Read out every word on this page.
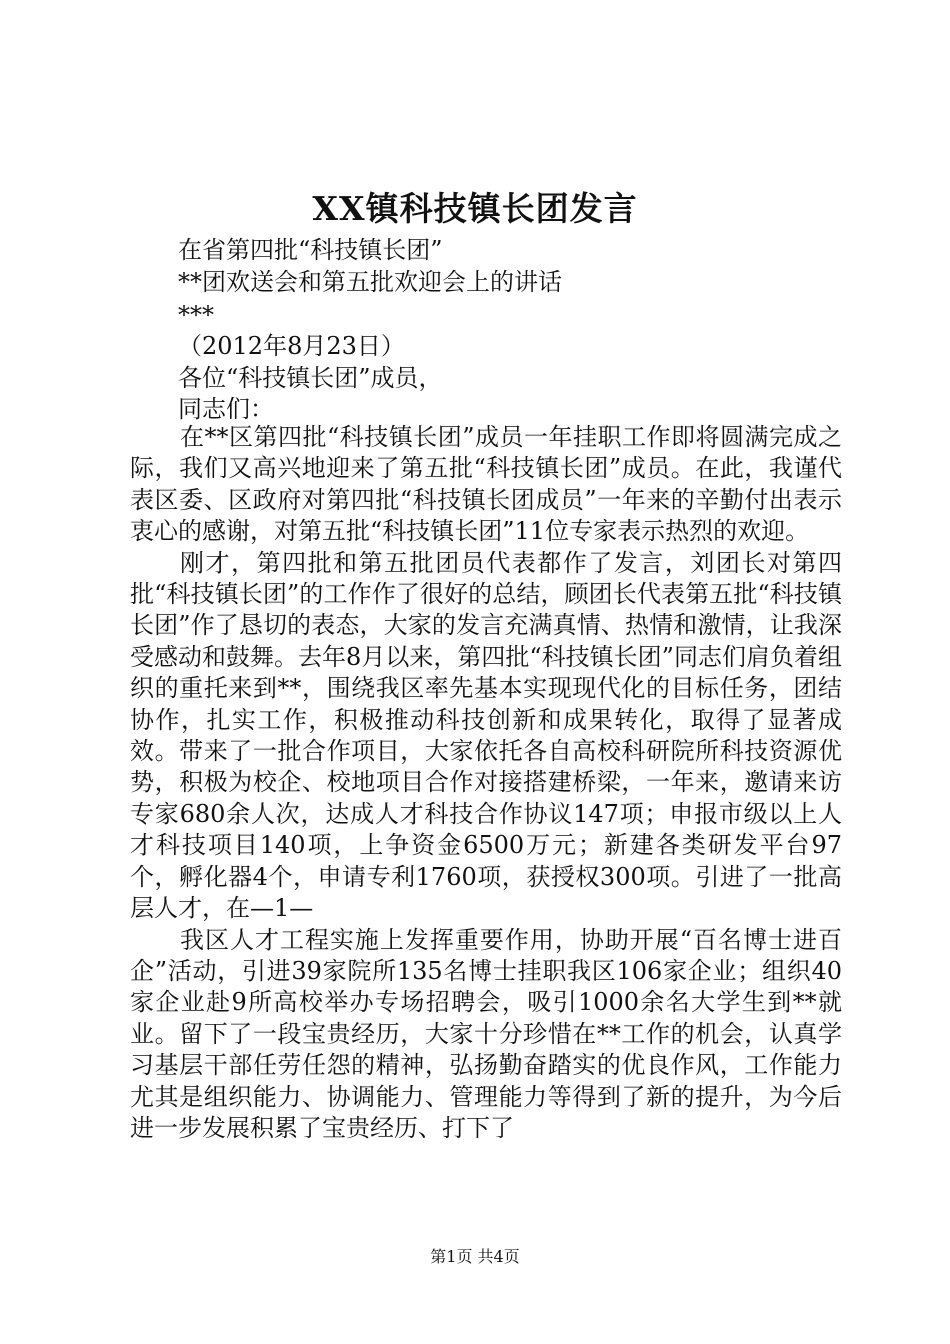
XX镇科技镇长团发言
在省第四批“科技镇长团”
**团欢送会和第五批欢迎会上的讲话
***
（2012年8月23日）
各位“科技镇长团”成员，
同志们：

在**区第四批“科技镇长团”成员一年挂职工作即将圆满完成之际，我们又高兴地迎来了第五批“科技镇长团”成员。在此，我谨代表区委、区政府对第四批“科技镇长团成员”一年来的辛勤付出表示衷心的感谢，对第五批“科技镇长团”11位专家表示热烈的欢迎。

刚才，第四批和第五批团员代表都作了发言，刘团长对第四批“科技镇长团”的工作作了很好的总结，顾团长代表第五批“科技镇长团”作了恳切的表态，大家的发言充满真情、热情和激情，让我深受感动和鼓舞。去年8月以来，第四批“科技镇长团”同志们肩负着组织的重托来到**，围绕我区率先基本实现现代化的目标任务，团结协作，扎实工作，积极推动科技创新和成果转化，取得了显著成效。带来了一批合作项目，大家依托各自高校科研院所科技资源优势，积极为校企、校地项目合作对接搭建桥梁，一年来，邀请来访专家680余人次，达成人才科技合作协议147项；申报市级以上人才科技项目140项，上争资金6500万元；新建各类研发平台97个，孵化器4个，申请专利1760项，获授权300项。引进了一批高层人才，在—1—

我区人才工程实施上发挥重要作用，协助开展“百名博士进百企”活动，引进39家院所135名博士挂职我区106家企业；组织40家企业赴9所高校举办专场招聘会，吸引1000余名大学生到**就业。留下了一段宝贵经历，大家十分珍惜在**工作的机会，认真学习基层干部任劳任怨的精神，弘扬勤奋踏实的优良作风，工作能力尤其是组织能力、协调能力、管理能力等得到了新的提升，为今后进一步发展积累了宝贵经历、打下了

第1页 共4页
